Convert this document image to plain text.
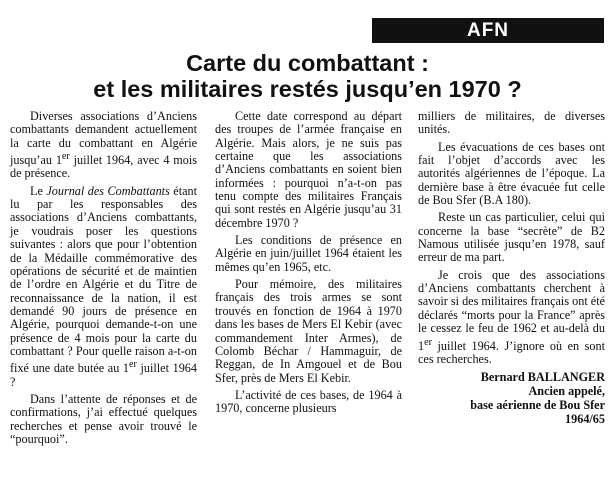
AFN
Carte du combattant :
et les militaires restés jusqu’en 1970 ?

Diverses associations d’Anciens combattants demandent actuellement la carte du combattant en Algérie jusqu’au 1er juillet 1964, avec 4 mois de présence.

Le Journal des Combattants étant lu par les responsables des associations d’Anciens combattants, je voudrais poser les questions suivantes : alors que pour l’obtention de la Médaille commémorative des opérations de sécurité et de maintien de l’ordre en Algérie et du Titre de reconnaissance de la nation, il est demandé 90 jours de présence en Algérie, pourquoi demande-t-on une présence de 4 mois pour la carte du combattant ? Pour quelle raison a-t-on fixé une date butée au 1er juillet 1964 ?

Dans l’attente de réponses et de confirmations, j’ai effectué quelques recherches et pense avoir trouvé le “pourquoi”.

Cette date correspond au départ des troupes de l’armée française en Algérie. Mais alors, je ne suis pas certaine que les associations d’Anciens combattants en soient bien informées : pourquoi n’a-t-on pas tenu compte des militaires Français qui sont restés en Algérie jusqu’au 31 décembre 1970 ?

Les conditions de présence en Algérie en juin/juillet 1964 étaient les mêmes qu’en 1965, etc.

Pour mémoire, des militaires français des trois armes se sont trouvés en fonction de 1964 à 1970 dans les bases de Mers El Kebir (avec commandement Inter Armes), de Colomb Béchar / Hammaguir, de Reggan, de In Amgouel et de Bou Sfer, près de Mers El Kebir.

L’activité de ces bases, de 1964 à 1970, concerne plusieurs

milliers de militaires, de diverses unités.

Les évacuations de ces bases ont fait l’objet d’accords avec les autorités algériennes de l’époque. La dernière base à être évacuée fut celle de Bou Sfer (B.A 180).

Reste un cas particulier, celui qui concerne la base “secrète” de B2 Namous utilisée jusqu’en 1978, sauf erreur de ma part.

Je crois que des associations d’Anciens combattants cherchent à savoir si des militaires français ont été déclarés “morts pour la France” après le cessez le feu de 1962 et au-delà du 1er juillet 1964. J’ignore où en sont ces recherches.

Bernard BALLANGER
Ancien appelé,
base aérienne de Bou Sfer
1964/65
